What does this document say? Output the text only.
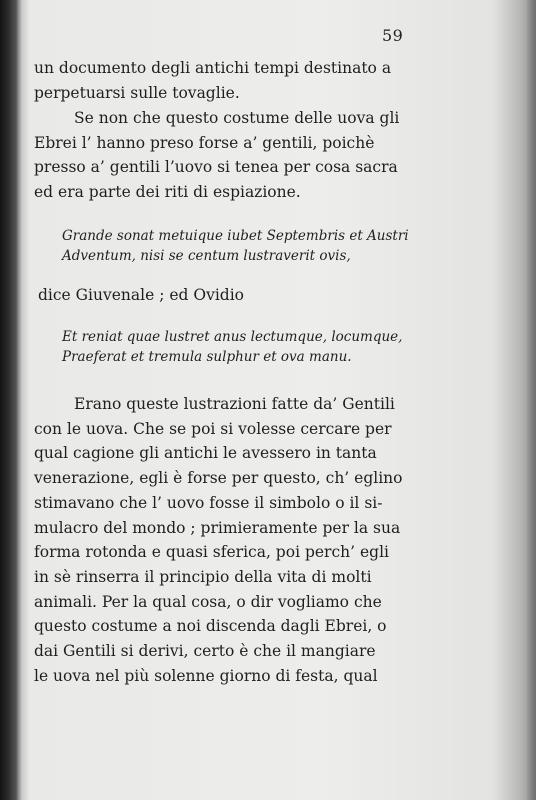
59

un documento degli antichi tempi destinato a
perpetuarsi sulle tovaglie.

Se non che questo costume delle uova gli
Ebrei l’ hanno preso forse a’ gentili, poichè
presso a’ gentili l’uovo si tenea per cosa sacra
ed era parte dei riti di espiazione.

Grande sonat metuique iubet Septembris et Austri
Adventum, nisi se centum lustraverit ovis,
dice Giuvenale ; ed Ovidio
Et reniat quae lustret anus lectumque, locumque,
Praeferat et tremula sulphur et ova manu.

Erano queste lustrazioni fatte da’ Gentili
con le uova. Che se poi si volesse cercare per
qual cagione gli antichi le avessero in tanta
venerazione, egli è forse per questo, ch’ eglino
stimavano che l’ uovo fosse il simbolo o il si-
mulacro del mondo ; primieramente per la sua
forma rotonda e quasi sferica, poi perch’ egli
in sè rinserra il principio della vita di molti
animali. Per la qual cosa, o dir vogliamo che
questo costume a noi discenda dagli Ebrei, o
dai Gentili si derivi, certo è che il mangiare
le uova nel più solenne giorno di festa, qual
